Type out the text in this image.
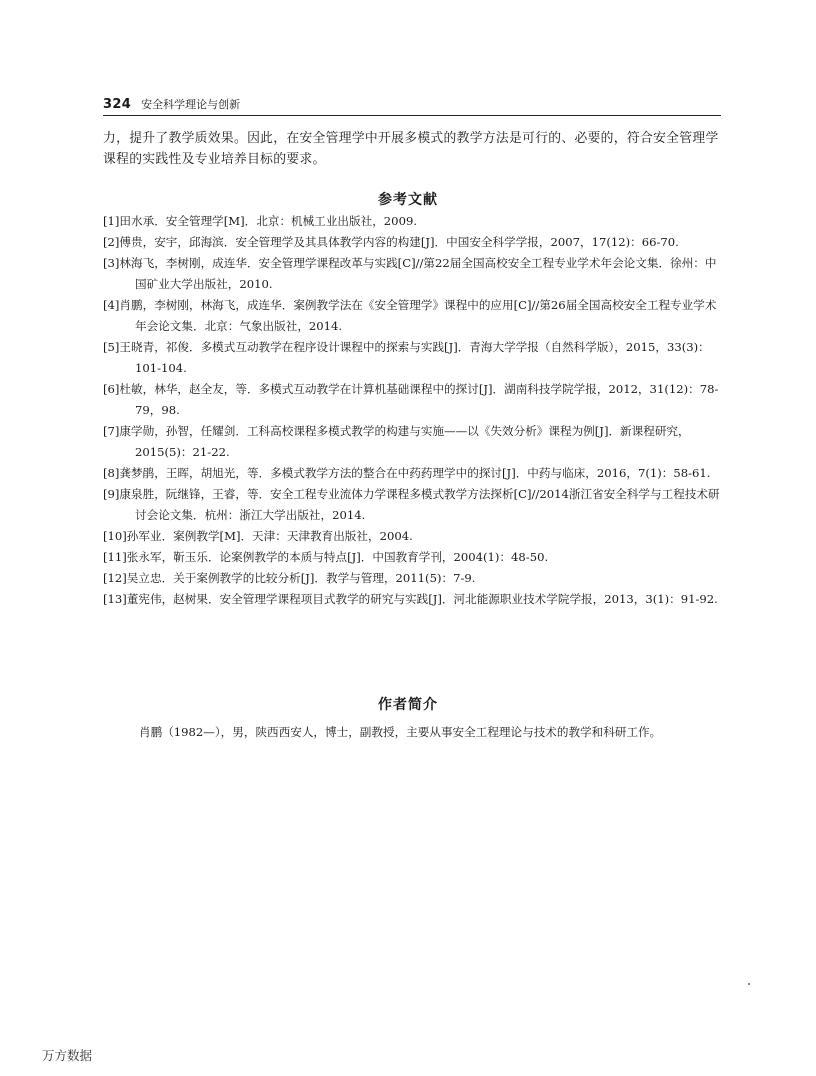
324 安全科学理论与创新

力，提升了教学质效果。因此，在安全管理学中开展多模式的教学方法是可行的、必要的，符合安全管理学课程的实践性及专业培养目标的要求。

参考文献
[1]田水承．安全管理学[M]．北京：机械工业出版社，2009.
[2]傅贵，安宇，邱海滨．安全管理学及其具体教学内容的构建[J]．中国安全科学学报，2007，17(12)：66-70.
[3]林海飞，李树刚，成连华．安全管理学课程改革与实践[C]//第22届全国高校安全工程专业学术年会论文集．徐州：中国矿业大学出版社，2010.
[4]肖鹏，李树刚，林海飞，成连华．案例教学法在《安全管理学》课程中的应用[C]//第26届全国高校安全工程专业学术年会论文集．北京：气象出版社，2014.
[5]王晓青，祁俊．多模式互动教学在程序设计课程中的探索与实践[J]．青海大学学报（自然科学版），2015，33(3)：101-104.
[6]杜敏，林华，赵全友，等．多模式互动教学在计算机基础课程中的探讨[J]．湖南科技学院学报，2012，31(12)：78-79，98.
[7]康学勋，孙智，任耀剑．工科高校课程多模式教学的构建与实施——以《失效分析》课程为例[J]．新课程研究，2015(5)：21-22.
[8]龚梦鹃，王晖，胡旭光，等．多模式教学方法的整合在中药药理学中的探讨[J]．中药与临床，2016，7(1)：58-61.
[9]康泉胜，阮继锋，王睿，等．安全工程专业流体力学课程多模式教学方法探析[C]//2014浙江省安全科学与工程技术研讨会论文集．杭州：浙江大学出版社，2014.
[10]孙军业．案例教学[M]．天津：天津教育出版社，2004.
[11]张永军，靳玉乐．论案例教学的本质与特点[J]．中国教育学刊，2004(1)：48-50.
[12]吴立忠．关于案例教学的比较分析[J]．教学与管理，2011(5)：7-9.
[13]董宪伟，赵树果．安全管理学课程项目式教学的研究与实践[J]．河北能源职业技术学院学报，2013，3(1)：91-92.
作者简介
肖鹏（1982—），男，陕西西安人，博士，副教授，主要从事安全工程理论与技术的教学和科研工作。
万方数据
